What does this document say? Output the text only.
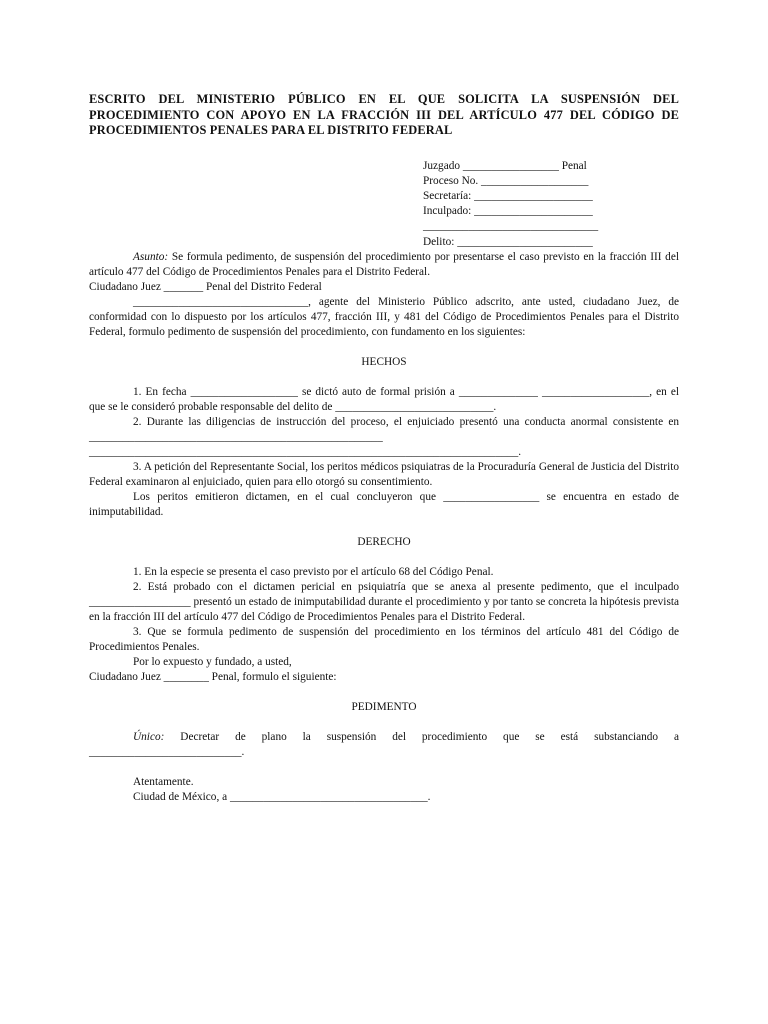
ESCRITO DEL MINISTERIO PÚBLICO EN EL QUE SOLICITA LA SUSPENSIÓN DEL PROCEDIMIENTO CON APOYO EN LA FRACCIÓN III DEL ARTÍCULO 477 DEL CÓDIGO DE PROCEDIMIENTOS PENALES PARA EL DISTRITO FEDERAL

Juzgado _________________ Penal
Proceso No. ___________________
Secretaría: _____________________
Inculpado: _____________________
_______________________________
Delito: ________________________

Asunto: Se formula pedimento, de suspensión del procedimiento por presentarse el caso previsto en la fracción III del artículo 477 del Código de Procedimientos Penales para el Distrito Federal.

Ciudadano Juez _______ Penal del Distrito Federal

_______________________________, agente del Ministerio Público adscrito, ante usted, ciudadano Juez, de conformidad con lo dispuesto por los artículos 477, fracción III, y 481 del Código de Procedimientos Penales para el Distrito Federal, formulo pedimento de suspensión del procedimiento, con fundamento en los siguientes:

HECHOS

1. En fecha ___________________ se dictó auto de formal prisión a ______________ ___________________, en el que se le consideró probable responsable del delito de ____________________________.

2. Durante las diligencias de instrucción del proceso, el enjuiciado presentó una conducta anormal consistente en ____________________________________________________ ____________________________________________________________________________.

3. A petición del Representante Social, los peritos médicos psiquiatras de la Procuraduría General de Justicia del Distrito Federal examinaron al enjuiciado, quien para ello otorgó su consentimiento.

Los peritos emitieron dictamen, en el cual concluyeron que _________________ se encuentra en estado de inimputabilidad.

DERECHO

1. En la especie se presenta el caso previsto por el artículo 68 del Código Penal.

2. Está probado con el dictamen pericial en psiquiatría que se anexa al presente pedimento, que el inculpado __________________ presentó un estado de inimputabilidad durante el procedimiento y por tanto se concreta la hipótesis prevista en la fracción III del artículo 477 del Código de Procedimientos Penales para el Distrito Federal.

3. Que se formula pedimento de suspensión del procedimiento en los términos del artículo 481 del Código de Procedimientos Penales.

Por lo expuesto y fundado, a usted,

Ciudadano Juez ________ Penal, formulo el siguiente:

PEDIMENTO

Único: Decretar de plano la suspensión del procedimiento que se está substanciando a ___________________________.

Atentamente.

Ciudad de México, a ___________________________________.
